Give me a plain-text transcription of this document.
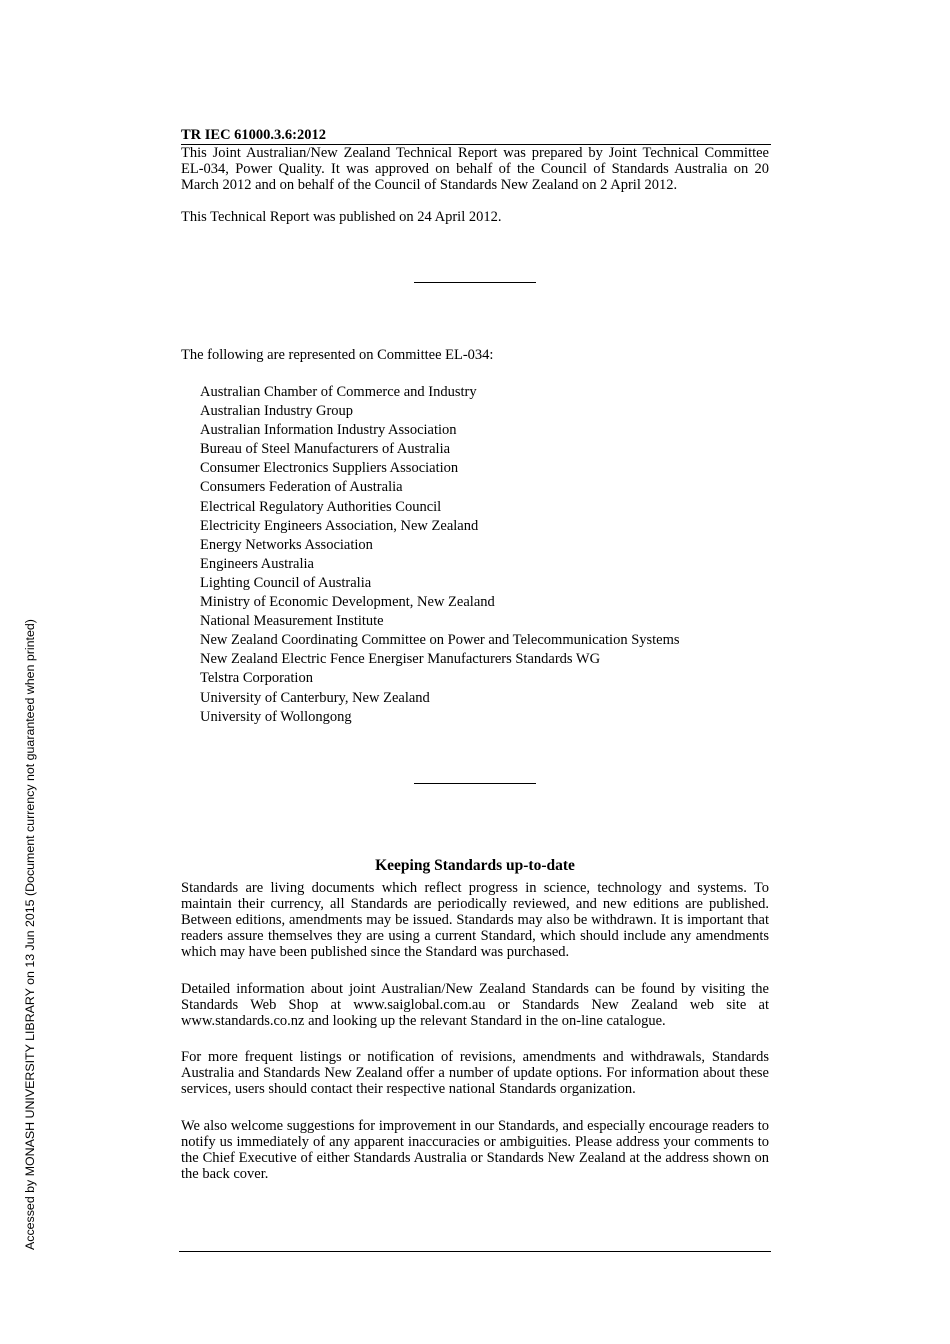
Accessed by MONASH UNIVERSITY LIBRARY on 13 Jun 2015 (Document currency not guaranteed when printed)
TR IEC 61000.3.6:2012
This Joint Australian/New Zealand Technical Report was prepared by Joint Technical Committee EL-034, Power Quality. It was approved on behalf of the Council of Standards Australia on 20 March 2012 and on behalf of the Council of Standards New Zealand on 2 April 2012.
This Technical Report was published on 24 April 2012.
The following are represented on Committee EL-034:
Australian Chamber of Commerce and Industry
Australian Industry Group
Australian Information Industry Association
Bureau of Steel Manufacturers of Australia
Consumer Electronics Suppliers Association
Consumers Federation of Australia
Electrical Regulatory Authorities Council
Electricity Engineers Association, New Zealand
Energy Networks Association
Engineers Australia
Lighting Council of Australia
Ministry of Economic Development, New Zealand
National Measurement Institute
New Zealand Coordinating Committee on Power and Telecommunication Systems
New Zealand Electric Fence Energiser Manufacturers Standards WG
Telstra Corporation
University of Canterbury, New Zealand
University of Wollongong
Keeping Standards up-to-date
Standards are living documents which reflect progress in science, technology and systems. To maintain their currency, all Standards are periodically reviewed, and new editions are published. Between editions, amendments may be issued. Standards may also be withdrawn. It is important that readers assure themselves they are using a current Standard, which should include any amendments which may have been published since the Standard was purchased.
Detailed information about joint Australian/New Zealand Standards can be found by visiting the Standards Web Shop at www.saiglobal.com.au or Standards New Zealand web site at www.standards.co.nz and looking up the relevant Standard in the on-line catalogue.
For more frequent listings or notification of revisions, amendments and withdrawals, Standards Australia and Standards New Zealand offer a number of update options. For information about these services, users should contact their respective national Standards organization.
We also welcome suggestions for improvement in our Standards, and especially encourage readers to notify us immediately of any apparent inaccuracies or ambiguities. Please address your comments to the Chief Executive of either Standards Australia or Standards New Zealand at the address shown on the back cover.
